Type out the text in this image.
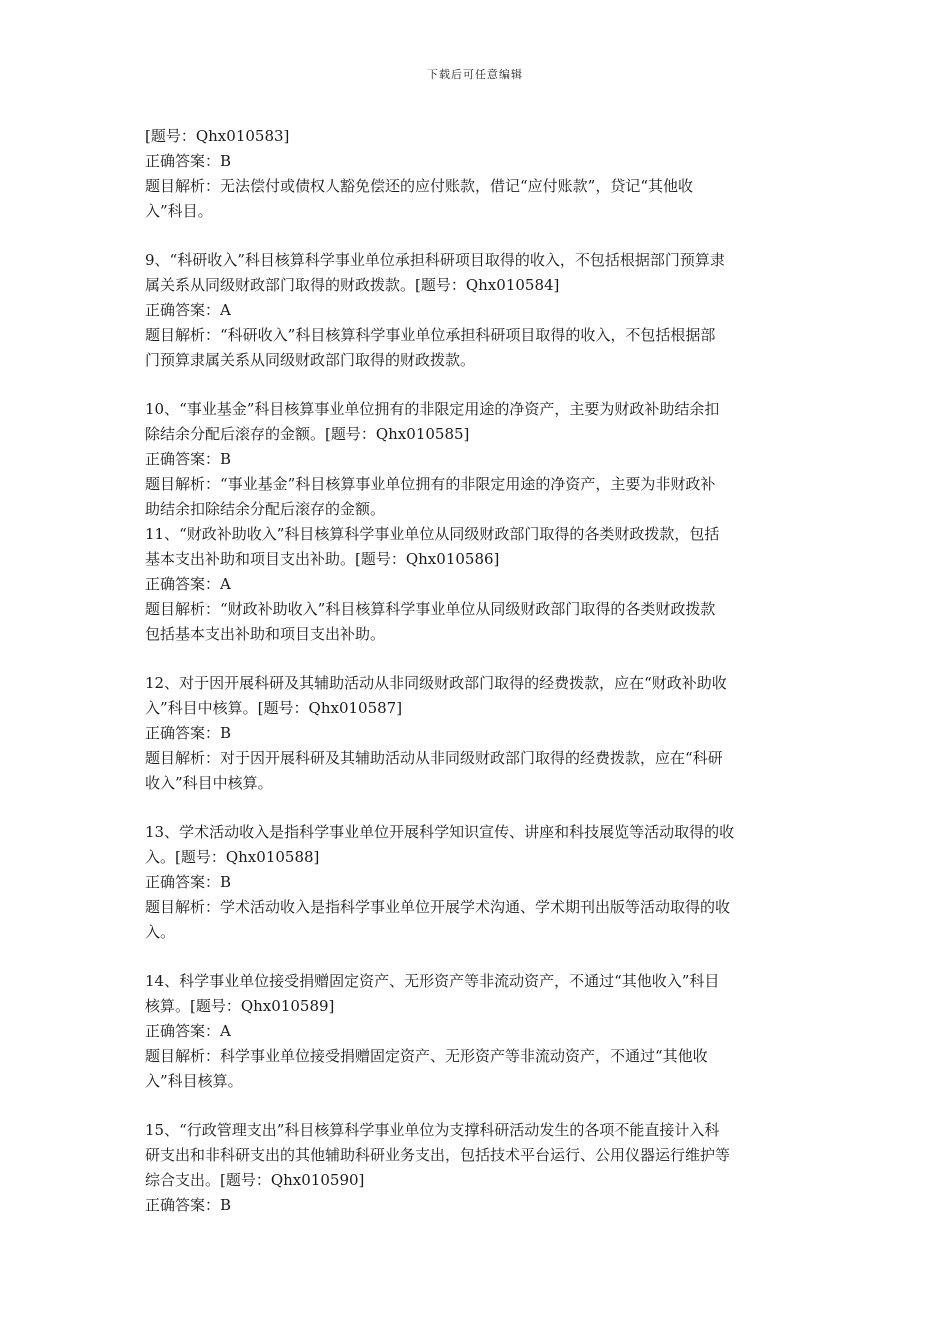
下载后可任意编辑
[题号：Qhx010583]
正确答案：B
题目解析：无法偿付或债权人豁免偿还的应付账款，借记“应付账款”，贷记“其他收
入”科目。
9、“科研收入”科目核算科学事业单位承担科研项目取得的收入，不包括根据部门预算隶
属关系从同级财政部门取得的财政拨款。[题号：Qhx010584]
正确答案：A
题目解析：“科研收入”科目核算科学事业单位承担科研项目取得的收入，不包括根据部
门预算隶属关系从同级财政部门取得的财政拨款。
10、“事业基金”科目核算事业单位拥有的非限定用途的净资产，主要为财政补助结余扣
除结余分配后滚存的金额。[题号：Qhx010585]
正确答案：B
题目解析：“事业基金”科目核算事业单位拥有的非限定用途的净资产，主要为非财政补
助结余扣除结余分配后滚存的金额。
11、“财政补助收入”科目核算科学事业单位从同级财政部门取得的各类财政拨款，包括
基本支出补助和项目支出补助。[题号：Qhx010586]
正确答案：A
题目解析：“财政补助收入”科目核算科学事业单位从同级财政部门取得的各类财政拨款
包括基本支出补助和项目支出补助。
12、对于因开展科研及其辅助活动从非同级财政部门取得的经费拨款，应在“财政补助收
入”科目中核算。[题号：Qhx010587]
正确答案：B
题目解析：对于因开展科研及其辅助活动从非同级财政部门取得的经费拨款，应在“科研
收入”科目中核算。
13、学术活动收入是指科学事业单位开展科学知识宣传、讲座和科技展览等活动取得的收
入。[题号：Qhx010588]
正确答案：B
题目解析：学术活动收入是指科学事业单位开展学术沟通、学术期刊出版等活动取得的收
入。
14、科学事业单位接受捐赠固定资产、无形资产等非流动资产，不通过“其他收入”科目
核算。[题号：Qhx010589]
正确答案：A
题目解析：科学事业单位接受捐赠固定资产、无形资产等非流动资产，不通过“其他收
入”科目核算。
15、“行政管理支出”科目核算科学事业单位为支撑科研活动发生的各项不能直接计入科
研支出和非科研支出的其他辅助科研业务支出，包括技术平台运行、公用仪器运行维护等
综合支出。[题号：Qhx010590]
正确答案：B
